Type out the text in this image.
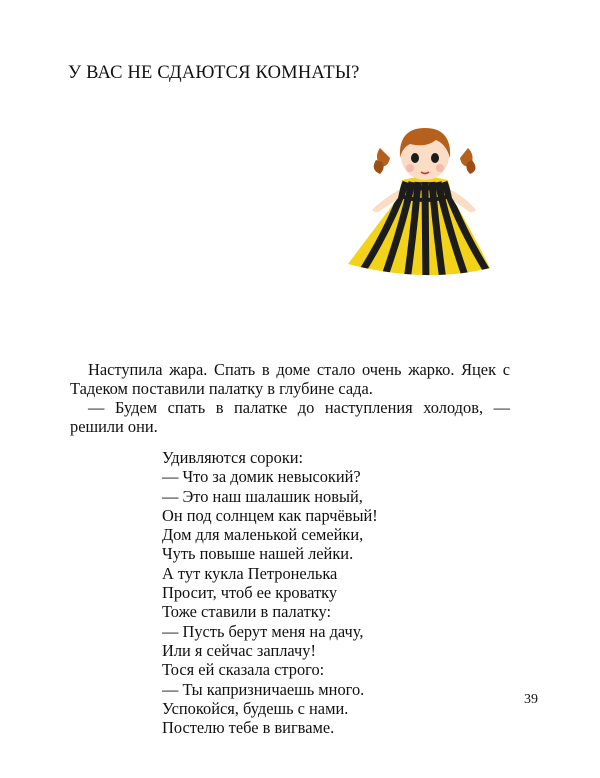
У ВАС НЕ СДАЮТСЯ КОМНАТЫ?

Наступила жара. Спать в доме стало очень жарко. Яцек с Тадеком поставили палатку в глубине сада.

— Будем спать в палатке до наступления холодов, — решили они.

Удивляются сороки:
— Что за домик невысокий?
— Это наш шалашик новый,
Он под солнцем как парчёвый!
Дом для маленькой семейки,
Чуть повыше нашей лейки.
А тут кукла Петронелька
Просит, чтоб ее кроватку
Тоже ставили в палатку:
— Пусть берут меня на дачу,
Или я сейчас заплачу!
Тося ей сказала строго:
— Ты капризничаешь много.
Успокойся, будешь с нами.
Постелю тебе в вигваме.
39
